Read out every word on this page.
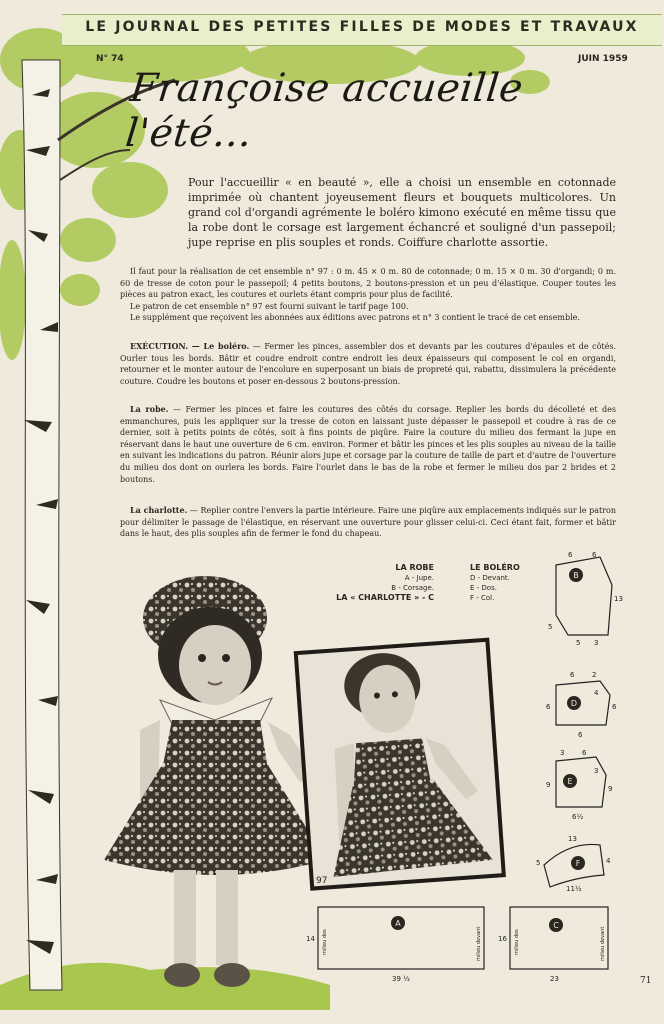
LE JOURNAL DES PETITES FILLES DE MODES ET TRAVAUX
N° 74	JUIN 1959
Françoise accueille l'été...

Pour l'accueillir « en beauté », elle a choisi un ensemble en cotonnade imprimée où chantent joyeusement fleurs et bouquets multicolores. Un grand col d'organdi agrémente le boléro kimono exécuté en même tissu que la robe dont le corsage est largement échancré et souligné d'un passepoil; jupe reprise en plis souples et ronds. Coiffure charlotte assortie.

Il faut pour la réalisation de cet ensemble n° 97 : 0 m. 45 × 0 m. 80 de cotonnade; 0 m. 15 × 0 m. 30 d'organdi; 0 m. 60 de tresse de coton pour le passepoil; 4 petits boutons, 2 boutons-pression et un peu d'élastique. Couper toutes les pièces au patron exact, les coutures et ourlets étant compris pour plus de facilité.

Le patron de cet ensemble n° 97 est fourni suivant le tarif page 100.

Le supplément que reçoivent les abonnées aux éditions avec patrons et n° 3 contient le tracé de cet ensemble.

EXÉCUTION. — Le boléro. — Fermer les pinces, assembler dos et devants par les coutures d'épaules et de côtés. Ourler tous les bords. Bâtir et coudre endroit contre endroit les deux épaisseurs qui composent le col en organdi, retourner et le monter autour de l'encolure en superposant un biais de propreté qui, rabattu, dissimulera la précédente couture. Coudre les boutons et poser en-dessous 2 boutons-pression.

La robe. — Fermer les pinces et faire les coutures des côtés du corsage. Replier les bords du décolleté et des emmanchures, puis les appliquer sur la tresse de coton en laissant juste dépasser le passepoil et coudre à ras de ce dernier, soit à petits points de côtés, soit à fins points de piqûre. Faire la couture du milieu dos fermant la jupe en réservant dans le haut une ouverture de 6 cm. environ. Former et bâtir les pinces et les plis souples au niveau de la taille en suivant les indications du patron. Réunir alors jupe et corsage par la couture de taille de part et d'autre de l'ouverture du milieu dos dont on ourlera les bords. Faire l'ourlet dans le bas de la robe et fermer le milieu dos par 2 brides et 2 boutons.

La charlotte. — Replier contre l'envers la partie intérieure. Faire une piqûre aux emplacements indiqués sur le patron pour délimiter le passage de l'élastique, en réservant une ouverture pour glisser celui-ci. Ceci étant fait, former et bâtir dans le haut, des plis souples afin de fermer le fond du chapeau.

LA ROBE
A - Jupe.
B - Corsage.
LA « CHARLOTTE » - C
LE BOLÉRO
D - Devant.
E - Dos.
F - Col.
97
B
6	6
13
5 3
5
D
6	2
6	6
4
6
E
3	6
9	9
6½
3
F
13
5
11½
4
A
39 ½
14 milieu dos	milieu devant
C
23
16 milieu dos	milieu devant
71
